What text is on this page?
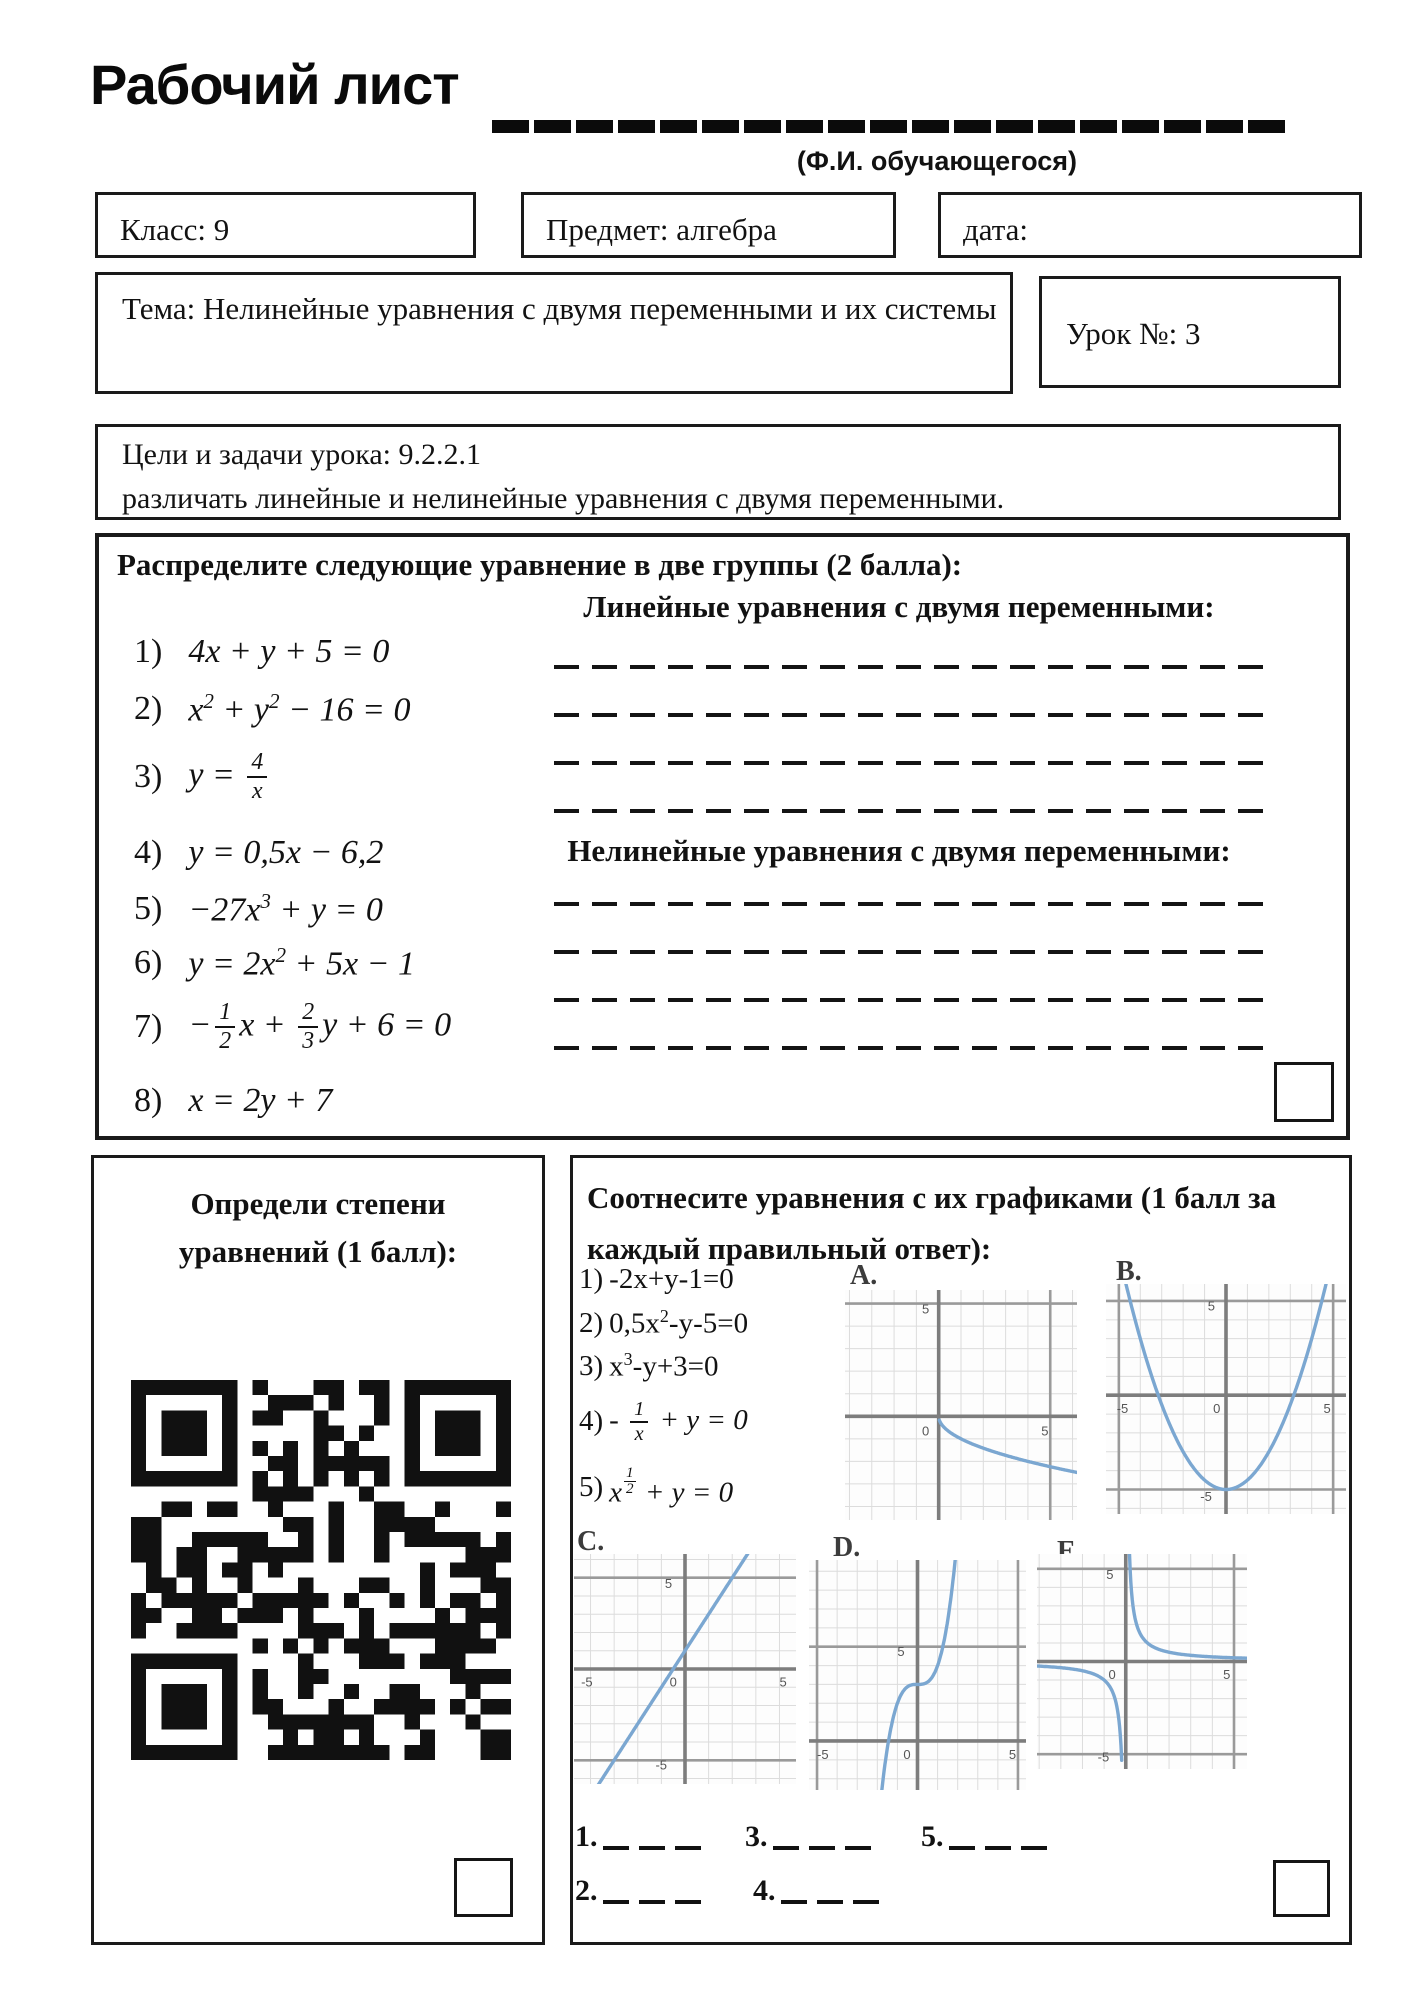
Рабочий лист
(Ф.И. обучающегося)
Класс: 9	Предмет: алгебра	дата:
Тема: Нелинейные уравнения с двумя переменными и их системы
Урок №: 3
Цели и задачи урока: 9.2.2.1
различать линейные и нелинейные уравнения с двумя переменными.
Распределите следующие уравнение в две группы (2 балла):
Линейные уравнения с двумя переменными:
Нелинейные уравнения с двумя переменными:
1) 4x + y + 5 = 0
2) $x^2 + y^2 - 16 = 0$
3) $y = \frac{4}{x}$
4) y = 0,5x − 6,2
$5) -27x^3 + y = 0$
6) $y = 2x^2 + 5x - 1$
$7) - \frac{1}{2}$ $x + \frac{2}{3}$ y + 6 = 0
8) x = 2y + 7
Определи степени уравнений (1 балл):
Соотнесите уравнения с их графиками (1 балл за каждый правильный ответ):
1) -2x+y-1=0
2) $0,5x^2-y-5=0$
3) $x^3-y+3=0$
$4) - \frac{1}{x} + y = 0$
5) x $\frac{1}{2} + y = 0$
A.
5
0	5
B.
-5	0	5
5
-5
C.
-5	0	5
5
-5
D.
5
-5	0	5
E.
5
0	5
-5
1.	3.	5.
2.	4.
